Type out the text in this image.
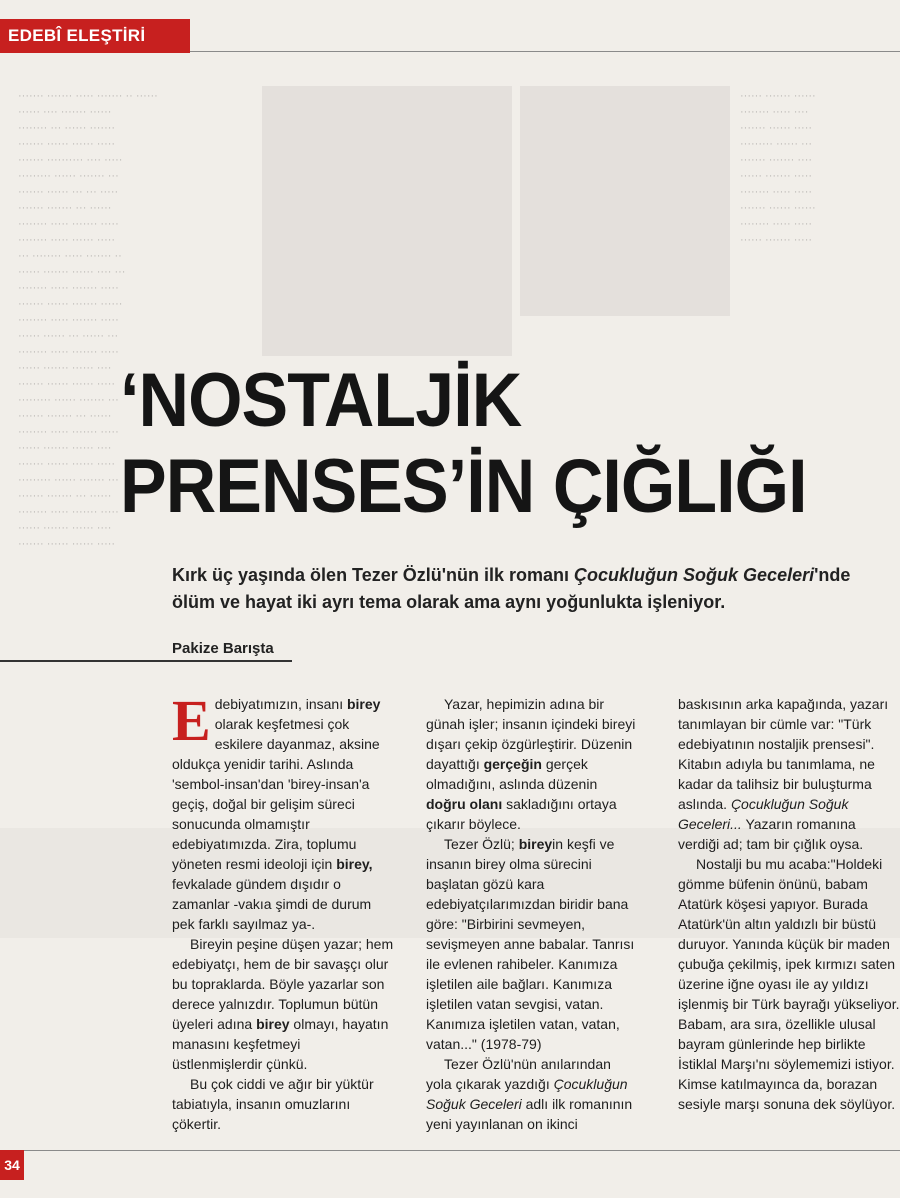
······· ······· ····· ······· ·· ······
······ ···· ······· ······
········ ··· ······ ·······
······· ······ ······ ·····
······· ·········· ···· ·····
········· ······ ······· ···
······· ······ ··· ··· ·····
······· ······· ··· ······
········ ····· ······· ·····
········ ····· ······ ·····
··· ········ ····· ······· ··
······ ······· ······ ···· ···
········ ····· ······· ·····
······· ······ ······· ······
········ ····· ······· ·····
······ ······ ··· ······ ···
········ ····· ······· ·····
······ ······· ······ ····
······· ······ ······ ·····
········· ······ ······· ···
······· ······· ··· ······
········ ····· ······· ·····
······ ······· ······ ····
······· ······ ······ ·····
········· ······ ······· ···
······· ······· ··· ······
········ ····· ······· ·····
······ ······· ······ ····
······· ······ ······ ·····
······ ······· ······
········ ····· ····
······· ······ ·····
········· ······ ···
······· ······· ····
······ ······· ·····
········ ····· ·····
······· ······ ······
········ ····· ·····
······ ······· ·····
EDEBÎ ELEŞTİRİ
‘NOSTALJİK
PRENSES’İN ÇIĞLIĞI

Kırk üç yaşında ölen Tezer Özlü'nün ilk romanı Çocukluğun Soğuk Geceleri'nde ölüm ve hayat iki ayrı tema olarak ama aynı yoğunlukta işleniyor.

Pakize Barışta

Edebiyatımızın, insanı birey olarak keşfetmesi çok eskilere dayanmaz, aksine oldukça yenidir tarihi. Aslında 'sembol-insan'dan 'birey-insan'a geçiş, doğal bir gelişim süreci sonucunda olmamıştır edebiyatımızda. Zira, toplumu yöneten resmi ideoloji için birey, fevkalade gündem dışıdır o zamanlar -vakıa şimdi de durum pek farklı sayılmaz ya-.

Bireyin peşine düşen yazar; hem edebiyatçı, hem de bir savaşçı olur bu topraklarda. Böyle yazarlar son derece yalnızdır. Toplumun bütün üyeleri adına birey olmayı, hayatın manasını keşfetmeyi üstlenmişlerdir çünkü.

Bu çok ciddi ve ağır bir yüktür tabiatıyla, insanın omuzlarını çökertir.

Yazar, hepimizin adına bir günah işler; insanın içindeki bireyi dışarı çekip özgürleştirir. Düzenin dayattığı gerçeğin gerçek olmadığını, aslında düzenin doğru olanı sakladığını ortaya çıkarır böylece.

Tezer Özlü; bireyin keşfi ve insanın birey olma sürecini başlatan gözü kara edebiyatçılarımızdan biridir bana göre: "Birbirini sevmeyen, sevişmeyen anne babalar. Tanrısı ile evlenen rahibeler. Kanımıza işletilen aile bağları. Kanımıza işletilen vatan sevgisi, vatan. Kanımıza işletilen vatan, vatan, vatan..." (1978-79)

Tezer Özlü'nün anılarından yola çıkarak yazdığı Çocukluğun Soğuk Geceleri adlı ilk romanının yeni yayınlanan on ikinci

baskısının arka kapağında, yazarı tanımlayan bir cümle var: "Türk edebiyatının nostaljik prensesi". Kitabın adıyla bu tanımlama, ne kadar da talihsiz bir buluşturma aslında. Çocukluğun Soğuk Geceleri... Yazarın romanına verdiği ad; tam bir çığlık oysa.

Nostalji bu mu acaba:"Holdeki gömme büfenin önünü, babam Atatürk köşesi yapıyor. Burada Atatürk'ün altın yaldızlı bir büstü duruyor. Yanında küçük bir maden çubuğa çekilmiş, ipek kırmızı saten üzerine iğne oyası ile ay yıldızı işlenmiş bir Türk bayrağı yükseliyor. Babam, ara sıra, özellikle ulusal bayram günlerinde hep birlikte İstiklal Marşı'nı söylememizi istiyor. Kimse katılmayınca da, borazan sesiyle marşı sonuna dek söylüyor.

34
